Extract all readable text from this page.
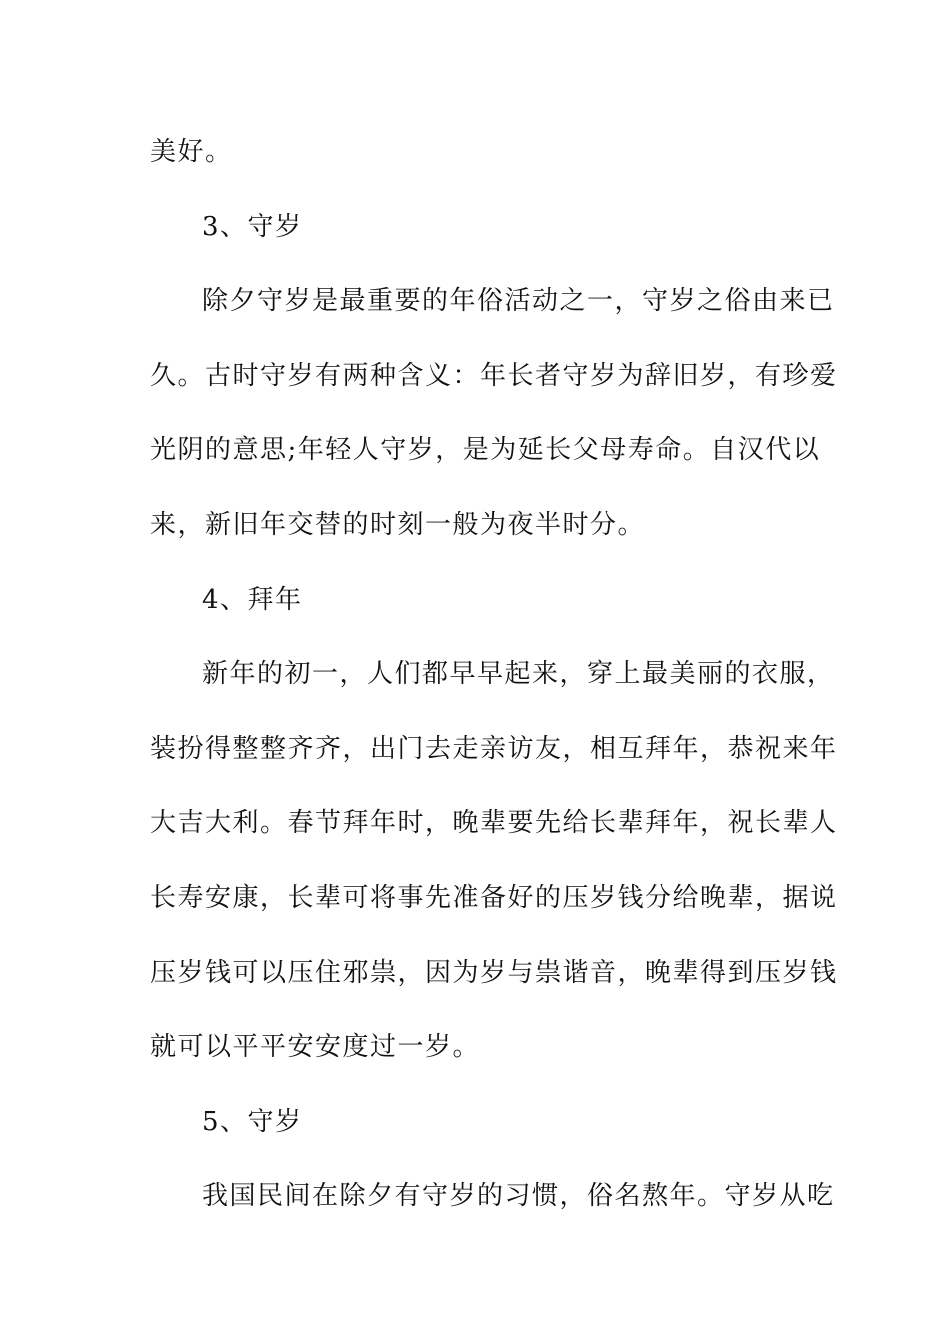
美好。
3、守岁
除夕守岁是最重要的年俗活动之一，守岁之俗由来已
久。古时守岁有两种含义：年长者守岁为辞旧岁，有珍爱
光阴的意思;年轻人守岁，是为延长父母寿命。自汉代以
来，新旧年交替的时刻一般为夜半时分。
4、拜年
新年的初一，人们都早早起来，穿上最美丽的衣服，
装扮得整整齐齐，出门去走亲访友，相互拜年，恭祝来年
大吉大利。春节拜年时，晚辈要先给长辈拜年，祝长辈人
长寿安康，长辈可将事先准备好的压岁钱分给晚辈，据说
压岁钱可以压住邪祟，因为岁与祟谐音，晚辈得到压岁钱
就可以平平安安度过一岁。
5、守岁
我国民间在除夕有守岁的习惯，俗名熬年。守岁从吃
